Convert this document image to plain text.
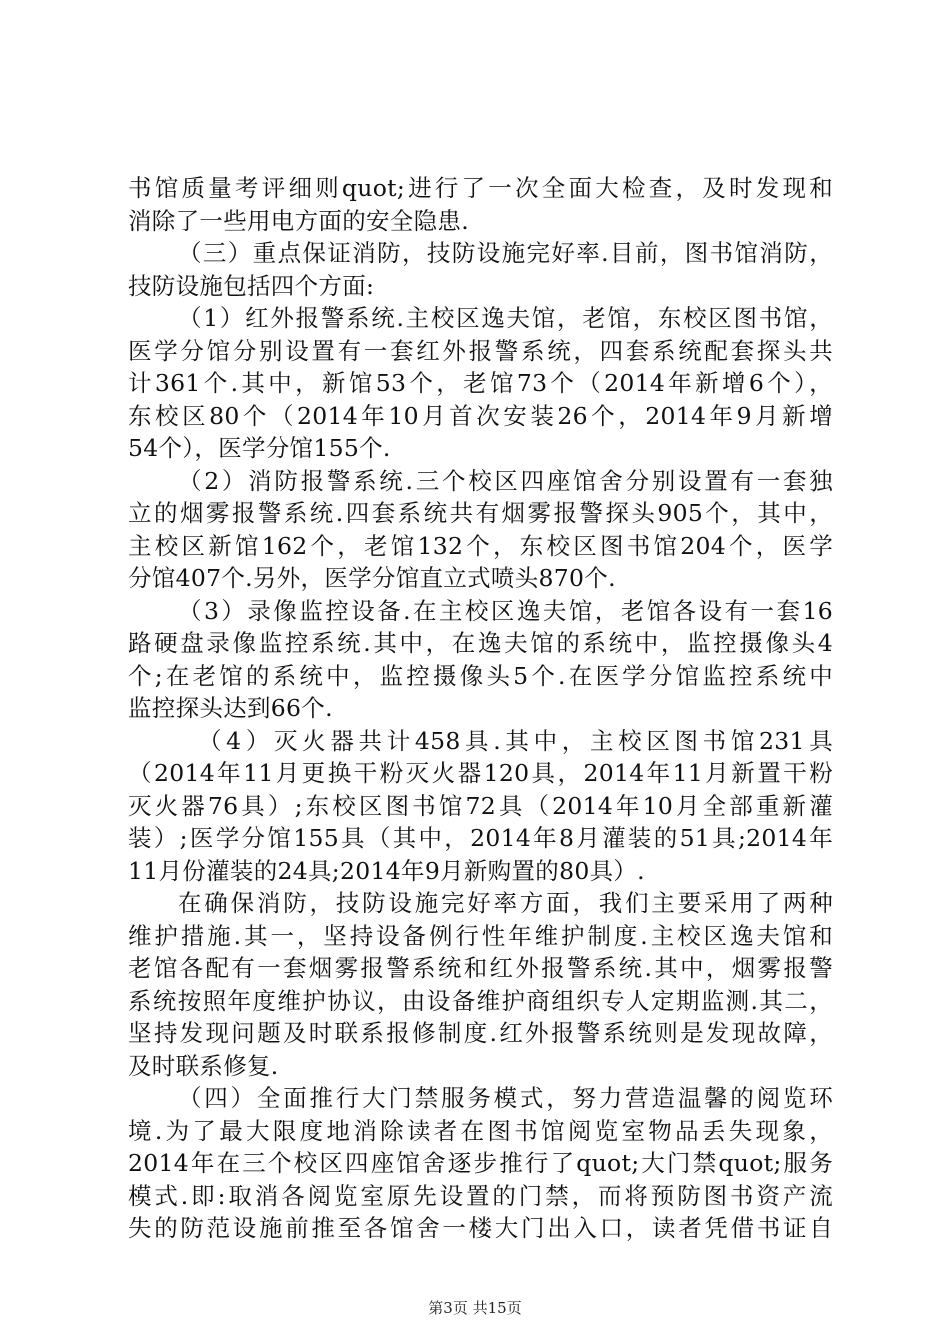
书馆质量考评细则quot;进行了一次全面大检查，及时发现和
消除了一些用电方面的安全隐患.
（三）重点保证消防，技防设施完好率.目前，图书馆消防，
技防设施包括四个方面:
（1）红外报警系统.主校区逸夫馆，老馆，东校区图书馆，
医学分馆分别设置有一套红外报警系统，四套系统配套探头共
计361个.其中，新馆53个，老馆73个（2014年新增6个），
东校区80个（2014年10月首次安装26个，2014年9月新增
54个），医学分馆155个.
（2）消防报警系统.三个校区四座馆舍分别设置有一套独
立的烟雾报警系统.四套系统共有烟雾报警探头905个，其中，
主校区新馆162个，老馆132个，东校区图书馆204个，医学
分馆407个.另外，医学分馆直立式喷头870个.
（3）录像监控设备.在主校区逸夫馆，老馆各设有一套16
路硬盘录像监控系统.其中，在逸夫馆的系统中，监控摄像头4
个;在老馆的系统中，监控摄像头5个.在医学分馆监控系统中
监控探头达到66个.
（4）灭火器共计458具.其中，主校区图书馆231具
（2014年11月更换干粉灭火器120具，2014年11月新置干粉
灭火器76具）;东校区图书馆72具（2014年10月全部重新灌
装）;医学分馆155具（其中，2014年8月灌装的51具;2014年
11月份灌装的24具;2014年9月新购置的80具）.
在确保消防，技防设施完好率方面，我们主要采用了两种
维护措施.其一，坚持设备例行性年维护制度.主校区逸夫馆和
老馆各配有一套烟雾报警系统和红外报警系统.其中，烟雾报警
系统按照年度维护协议，由设备维护商组织专人定期监测.其二，
坚持发现问题及时联系报修制度.红外报警系统则是发现故障，
及时联系修复.
（四）全面推行大门禁服务模式，努力营造温馨的阅览环
境.为了最大限度地消除读者在图书馆阅览室物品丢失现象，
2014年在三个校区四座馆舍逐步推行了quot;大门禁quot;服务
模式.即:取消各阅览室原先设置的门禁，而将预防图书资产流
失的防范设施前推至各馆舍一楼大门出入口，读者凭借书证自
第3页 共15页
